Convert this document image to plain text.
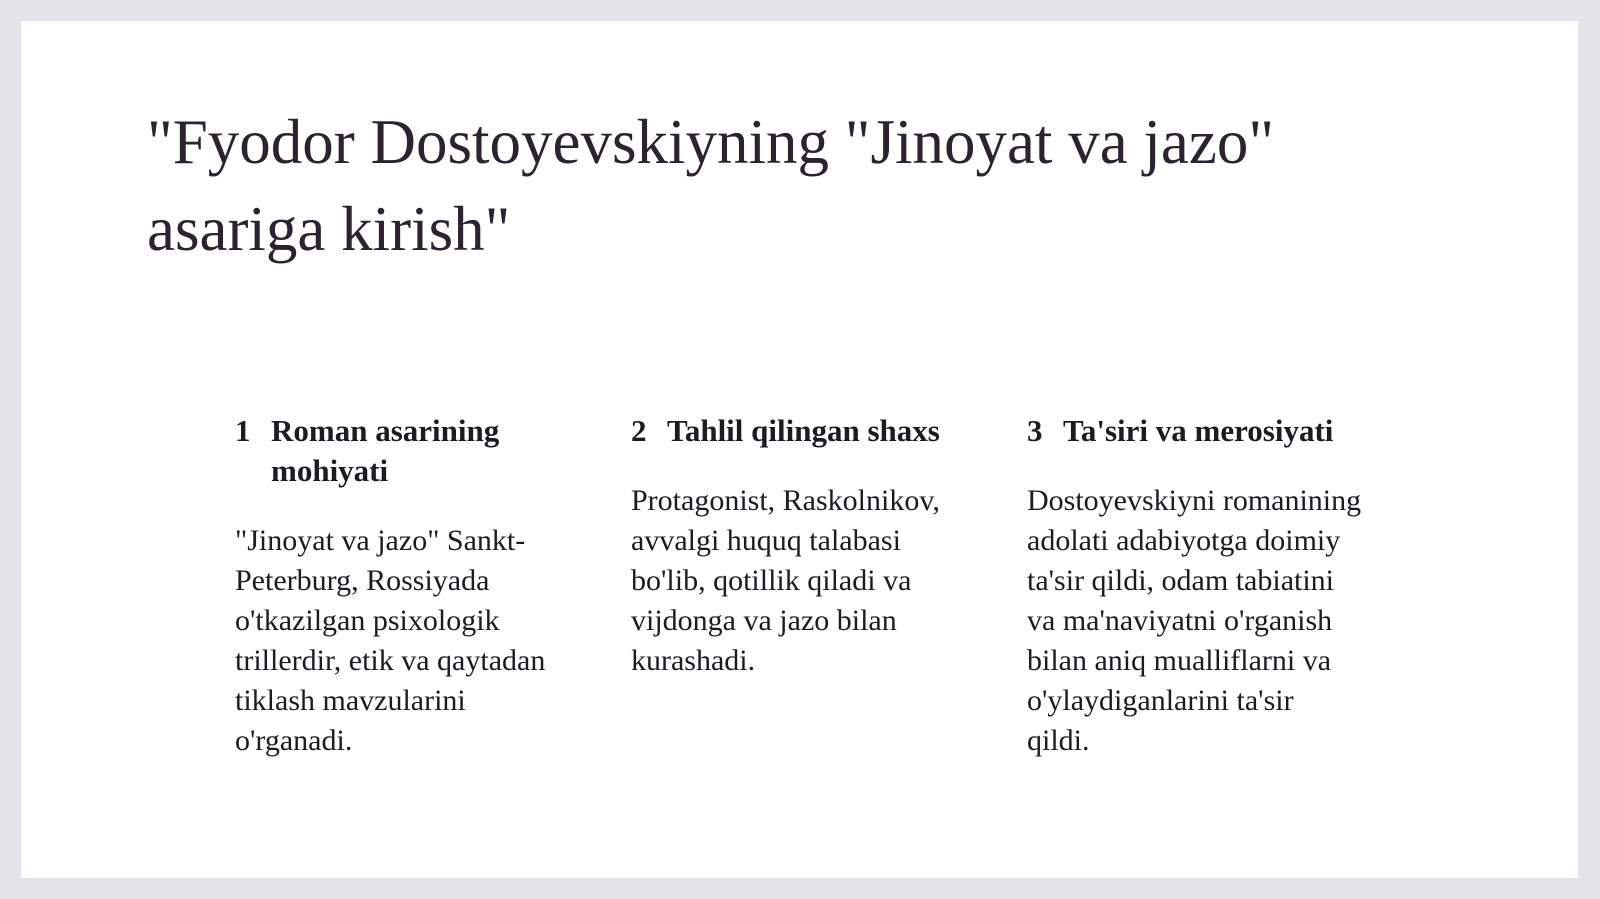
"Fyodor Dostoyevskiyning "Jinoyat va jazo" asariga kirish"
1 Roman asarining mohiyati

"Jinoyat va jazo" Sankt-Peterburg, Rossiyada o'tkazilgan psixologik trillerdir, etik va qaytadan tiklash mavzularini o'rganadi.

2 Tahlil qilingan shaxs

Protagonist, Raskolnikov, avvalgi huquq talabasi bo'lib, qotillik qiladi va vijdonga va jazo bilan kurashadi.

3 Ta'siri va merosiyati

Dostoyevskiyni romanining adolati adabiyotga doimiy ta'sir qildi, odam tabiatini va ma'naviyatni o'rganish bilan aniq mualliflarni va o'ylaydiganlarini ta'sir qildi.
